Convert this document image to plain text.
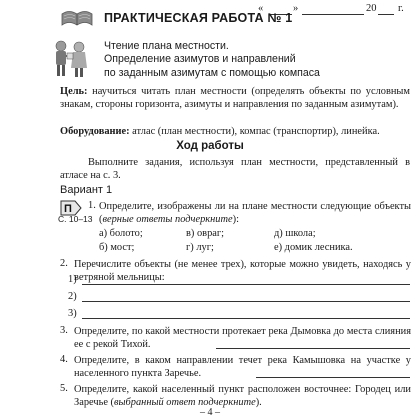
«	»	20 г.
ПРАКТИЧЕСКАЯ РАБОТА № 1
Чтение плана местности.
Определение азимутов и направлений
по заданным азимутам с помощью компаса
Цель: научиться читать план местности (определять объекты по условным знакам, стороны горизонта, азимуты и направления по заданным азимутам).
Оборудование: атлас (план местности), компас (транспортир), линейка.
Ход работы
Выполните задания, используя план местности, представленный в атласе на с. 3.
Вариант 1
П
С. 10–13
1. Определите, изображены ли на плане местности следующие объекты (верные ответы подчеркните):
а) болото;	в) овраг;	д) школа;
б) мост;	г) луг;	е) домик лесника.
2. Перечислите объекты (не менее трех), которые можно увидеть, находясь у ветряной мельницы:
1)
2)
3)
3. Определите, по какой местности протекает река Дымовка до места слияния ее с рекой Тихой.
4. Определите, в каком направлении течет река Камышовка на участке у населенного пункта Заречье.
5. Определите, какой населенный пункт расположен восточнее: Городец или Заречье (выбранный ответ подчеркните).
– 4 –
